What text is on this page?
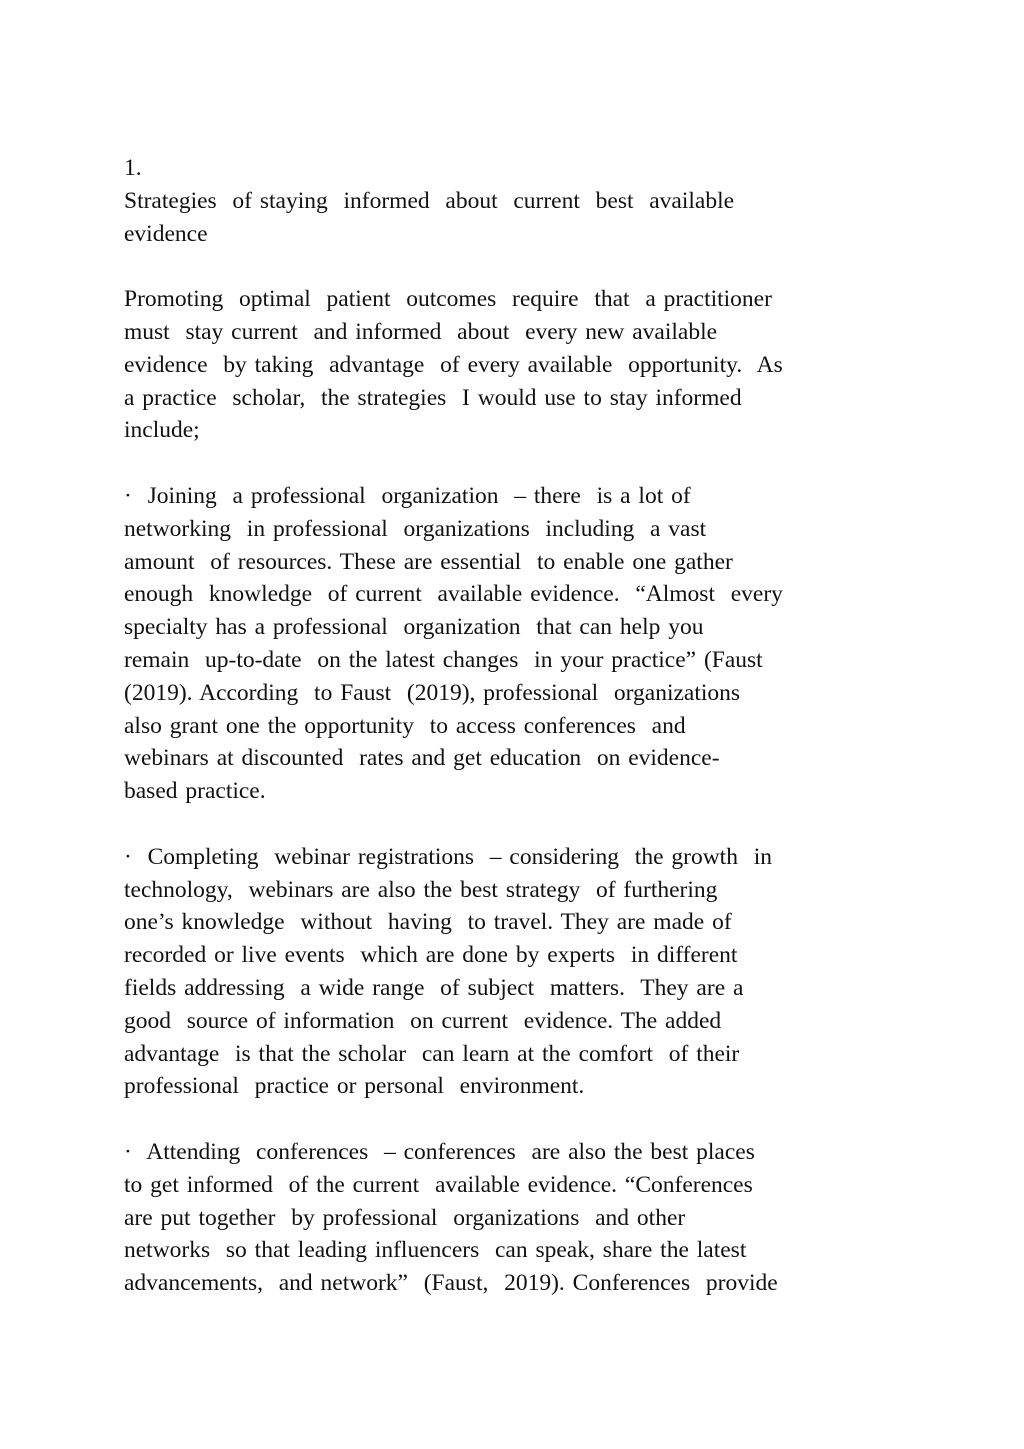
1.
Strategies  of staying  informed  about  current  best  available
evidence
Promoting  optimal  patient  outcomes  require  that  a practitioner
must  stay current  and informed  about  every new available
evidence  by taking  advantage  of every available  opportunity.  As
a practice  scholar,  the strategies  I would use to stay informed
include;
·  Joining  a professional  organization  – there  is a lot of
networking  in professional  organizations  including  a vast
amount  of resources. These are essential  to enable one gather
enough  knowledge  of current  available evidence.  “Almost  every
specialty has a professional  organization  that can help you
remain  up-to-date  on the latest changes  in your practice” (Faust
(2019). According  to Faust  (2019), professional  organizations
also grant one the opportunity  to access conferences  and
webinars at discounted  rates and get education  on evidence-
based practice.
·  Completing  webinar registrations  – considering  the growth  in
technology,  webinars are also the best strategy  of furthering
one’s knowledge  without  having  to travel. They are made of
recorded or live events  which are done by experts  in different
fields addressing  a wide range  of subject  matters.  They are a
good  source of information  on current  evidence. The added
advantage  is that the scholar  can learn at the comfort  of their
professional  practice or personal  environment.
·  Attending  conferences  – conferences  are also the best places
to get informed  of the current  available evidence. “Conferences
are put together  by professional  organizations  and other
networks  so that leading influencers  can speak, share the latest
advancements,  and network”  (Faust,  2019). Conferences  provide
